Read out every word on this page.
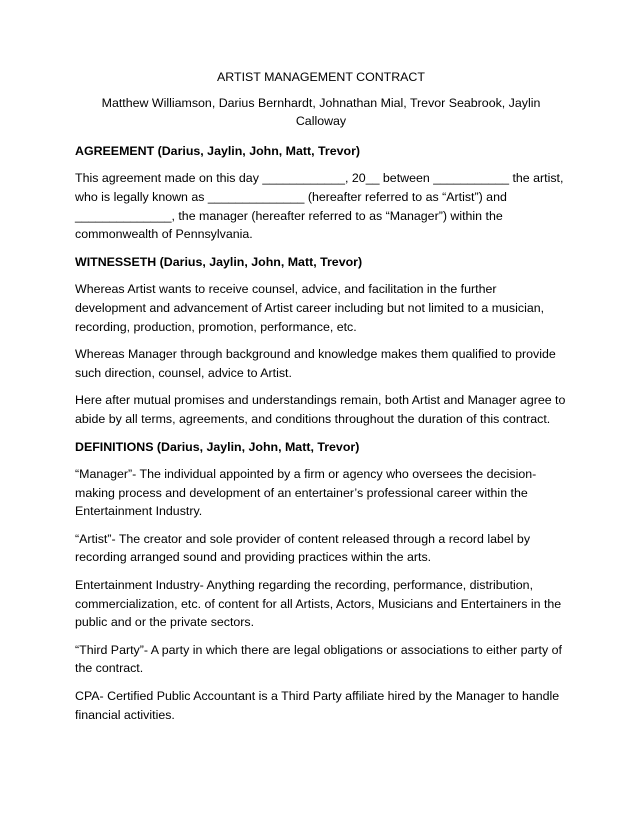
ARTIST MANAGEMENT CONTRACT
Matthew Williamson, Darius Bernhardt, Johnathan Mial, Trevor Seabrook, Jaylin Calloway
AGREEMENT (Darius, Jaylin, John, Matt, Trevor)

This agreement made on this day ____________, 20__ between ___________ the artist, who is legally known as ______________ (hereafter referred to as “Artist”) and ______________, the manager (hereafter referred to as “Manager”) within the commonwealth of Pennsylvania.

WITNESSETH (Darius, Jaylin, John, Matt, Trevor)

Whereas Artist wants to receive counsel, advice, and facilitation in the further development and advancement of Artist career including but not limited to a musician, recording, production, promotion, performance, etc.

Whereas Manager through background and knowledge makes them qualified to provide such direction, counsel, advice to Artist.

Here after mutual promises and understandings remain, both Artist and Manager agree to abide by all terms, agreements, and conditions throughout the duration of this contract.

DEFINITIONS (Darius, Jaylin, John, Matt, Trevor)

“Manager”- The individual appointed by a firm or agency who oversees the decision-making process and development of an entertainer’s professional career within the Entertainment Industry.

“Artist”- The creator and sole provider of content released through a record label by recording arranged sound and providing practices within the arts.

Entertainment Industry- Anything regarding the recording, performance, distribution, commercialization, etc. of content for all Artists, Actors, Musicians and Entertainers in the public and or the private sectors.

“Third Party”- A party in which there are legal obligations or associations to either party of the contract.

CPA- Certified Public Accountant is a Third Party affiliate hired by the Manager to handle financial activities.
